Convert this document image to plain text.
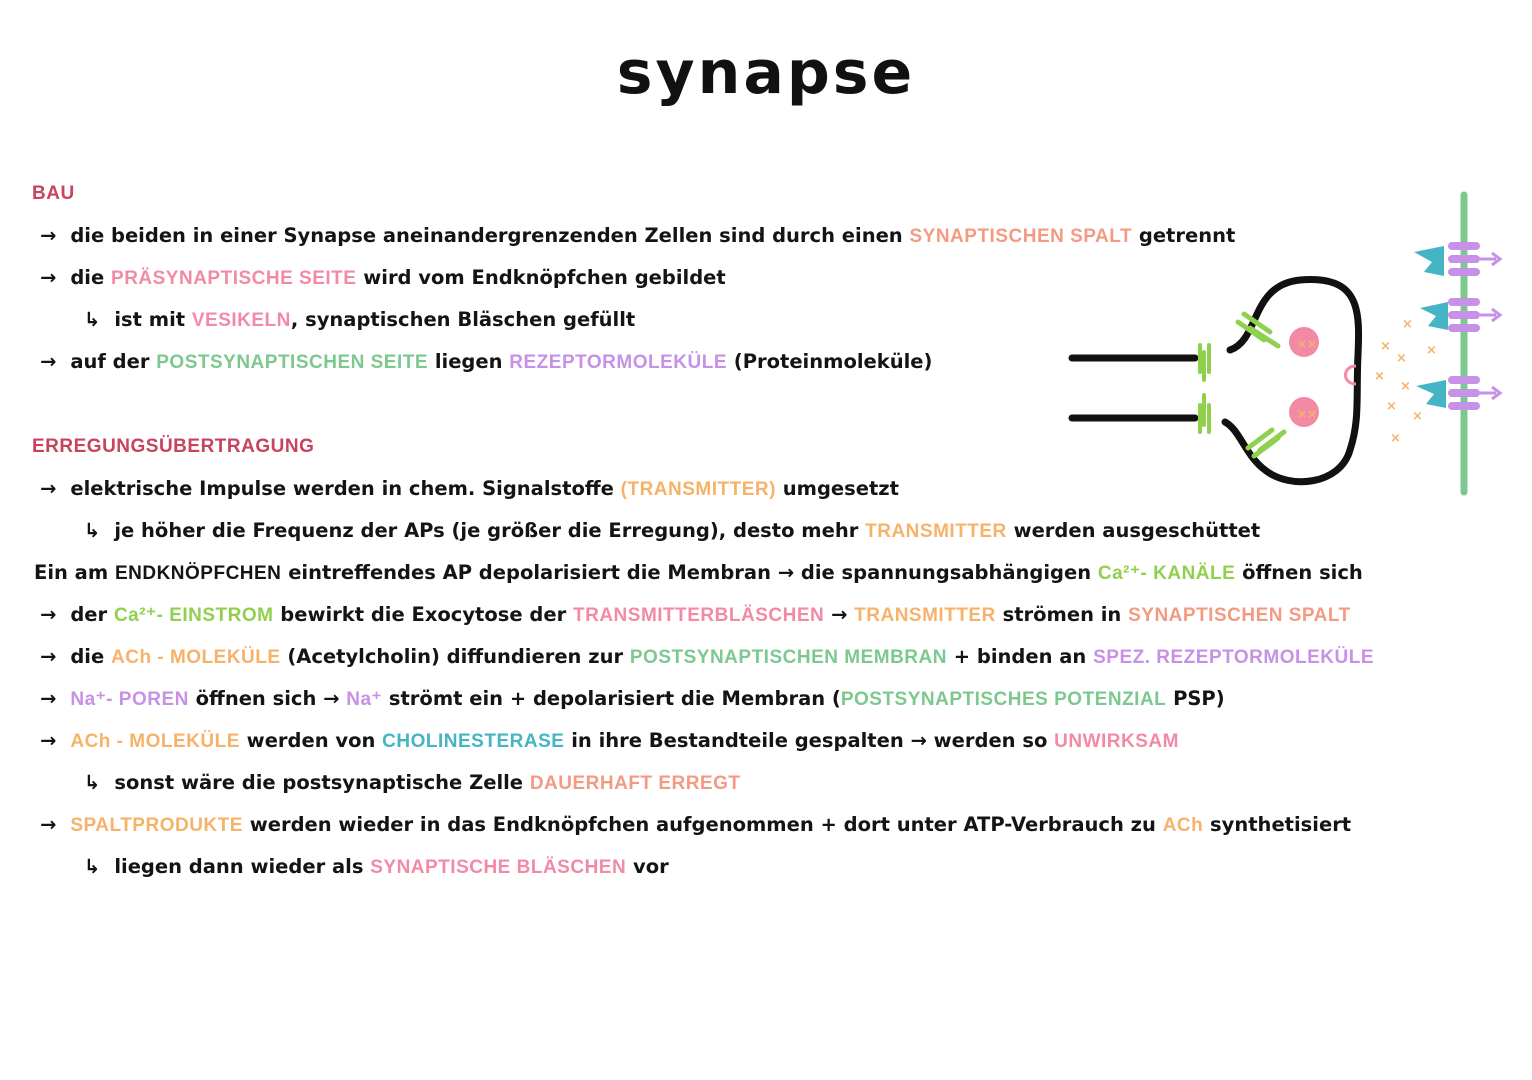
synapse
BAU
→ die beiden in einer Synapse aneinandergrenzenden Zellen sind durch einen SYNAPTISCHEN SPALT getrennt
→ die PRÄSYNAPTISCHE SEITE wird vom Endknöpfchen gebildet
↳ ist mit VESIKELN, synaptischen Bläschen gefüllt
→ auf der POSTSYNAPTISCHEN SEITE liegen REZEPTORMOLEKÜLE (Proteinmoleküle)
ERREGUNGSÜBERTRAGUNG
→ elektrische Impulse werden in chem. Signalstoffe (TRANSMITTER) umgesetzt
↳ je höher die Frequenz der APs (je größer die Erregung), desto mehr TRANSMITTER werden ausgeschüttet
Ein am ENDKNÖPFCHEN eintreffendes AP depolarisiert die Membran → die spannungsabhängigen Ca²⁺- KANÄLE öffnen sich
→ der Ca²⁺- EINSTROM bewirkt die Exocytose der TRANSMITTERBLÄSCHEN → TRANSMITTER strömen in SYNAPTISCHEN SPALT
→ die ACh - MOLEKÜLE (Acetylcholin) diffundieren zur POSTSYNAPTISCHEN MEMBRAN + binden an SPEZ. REZEPTORMOLEKÜLE
→ Na⁺- POREN öffnen sich → Na⁺ strömt ein + depolarisiert die Membran (POSTSYNAPTISCHES POTENZIAL PSP)
→ ACh - MOLEKÜLE werden von CHOLINESTERASE in ihre Bestandteile gespalten → werden so UNWIRKSAM
↳ sonst wäre die postsynaptische Zelle DAUERHAFT ERREGT
→ SPALTPRODUKTE werden wieder in das Endknöpfchen aufgenommen + dort unter ATP-Verbrauch zu ACh synthetisiert
↳ liegen dann wieder als SYNAPTISCHE BLÄSCHEN vor
××
××
×
×
×
×
×
×
×
×
×
